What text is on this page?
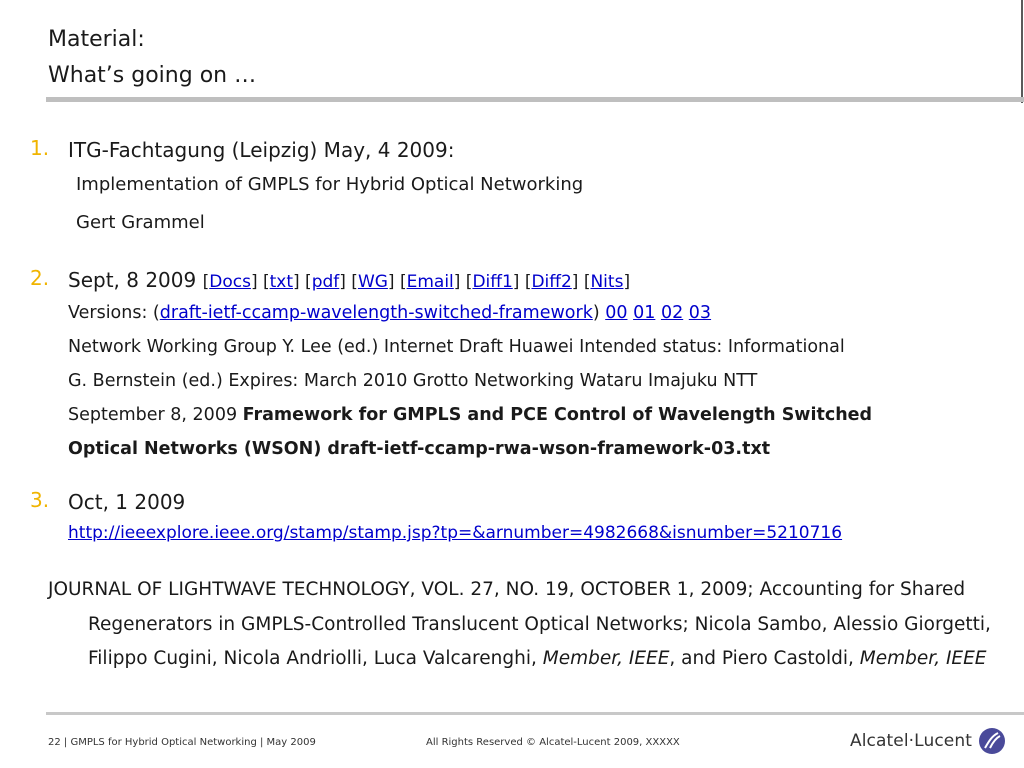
Material:
What’s going on …
1. ITG-Fachtagung (Leipzig) May, 4 2009:
Implementation of GMPLS for Hybrid Optical Networking
Gert Grammel
2. Sept, 8 2009 [Docs] [txt] [pdf] [WG] [Email] [Diff1] [Diff2] [Nits]
Versions: (draft-ietf-ccamp-wavelength-switched-framework) 00 01 02 03
Network Working Group Y. Lee (ed.) Internet Draft Huawei Intended status: Informational
G. Bernstein (ed.) Expires: March 2010 Grotto Networking Wataru Imajuku NTT
September 8, 2009 Framework for GMPLS and PCE Control of Wavelength Switched
Optical Networks (WSON) draft-ietf-ccamp-rwa-wson-framework-03.txt
3. Oct, 1 2009
http://ieeexplore.ieee.org/stamp/stamp.jsp?tp=&arnumber=4982668&isnumber=5210716
JOURNAL OF LIGHTWAVE TECHNOLOGY, VOL. 27, NO. 19, OCTOBER 1, 2009; Accounting for Shared Regenerators in GMPLS-Controlled Translucent Optical Networks; Nicola Sambo, Alessio Giorgetti, Filippo Cugini, Nicola Andriolli, Luca Valcarenghi, Member, IEEE, and Piero Castoldi, Member, IEEE
22 | GMPLS for Hybrid Optical Networking | May 2009	All Rights Reserved © Alcatel-Lucent 2009, XXXXX	Alcatel·Lucent
